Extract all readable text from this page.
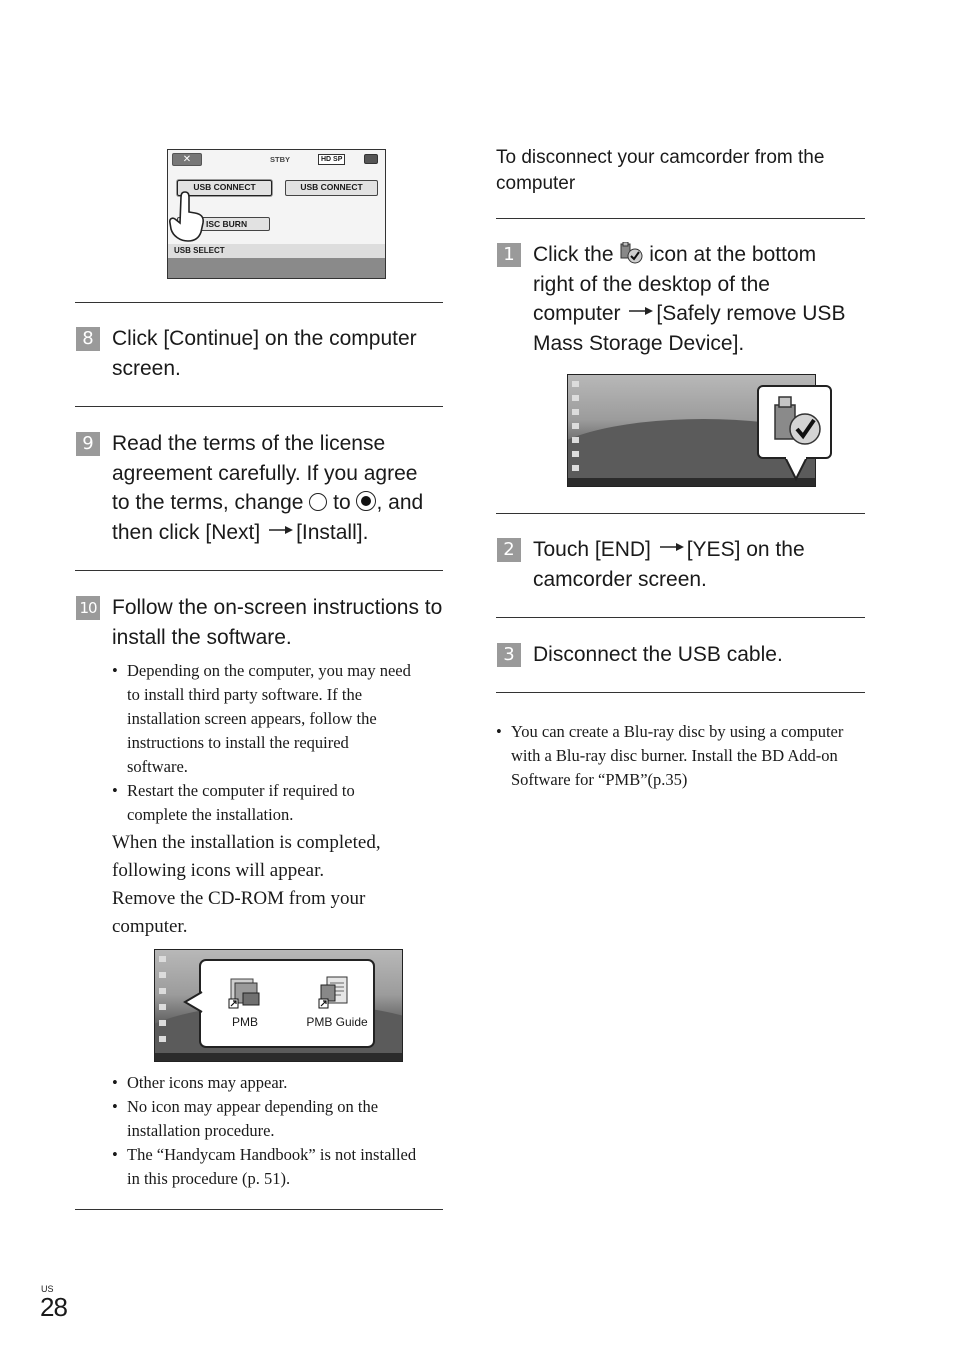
✕	STBY	HD SP
USB CONNECT	USB CONNECT
ISC BURN
USB SELECT
8 Click [Continue] on the computer screen.
9 Read the terms of the license
agreement carefully. If you agree
to the terms, change  to , and
then click [Next] [Install].
10 Follow the on-screen instructions to install the software.
• Depending on the computer, you may need to install third party software. If the installation screen appears, follow the instructions to install the required software.
• Restart the computer if required to complete the installation.
When the installation is completed, following icons will appear.
Remove the CD-ROM from your computer.
PMB	PMB Guide
• Other icons may appear.
• No icon may appear depending on the installation procedure.
• The “Handycam Handbook” is not installed in this procedure (p. 51).
To disconnect your camcorder from the computer
1 Click the  icon at the bottom
right of the desktop of the
computer [Safely remove USB
Mass Storage Device].
2 Touch [END] [YES] on the
camcorder screen.
3 Disconnect the USB cable.
• You can create a Blu-ray disc by using a computer with a Blu-ray disc burner. Install the BD Add-on Software for “PMB”(p.35)
US
28
